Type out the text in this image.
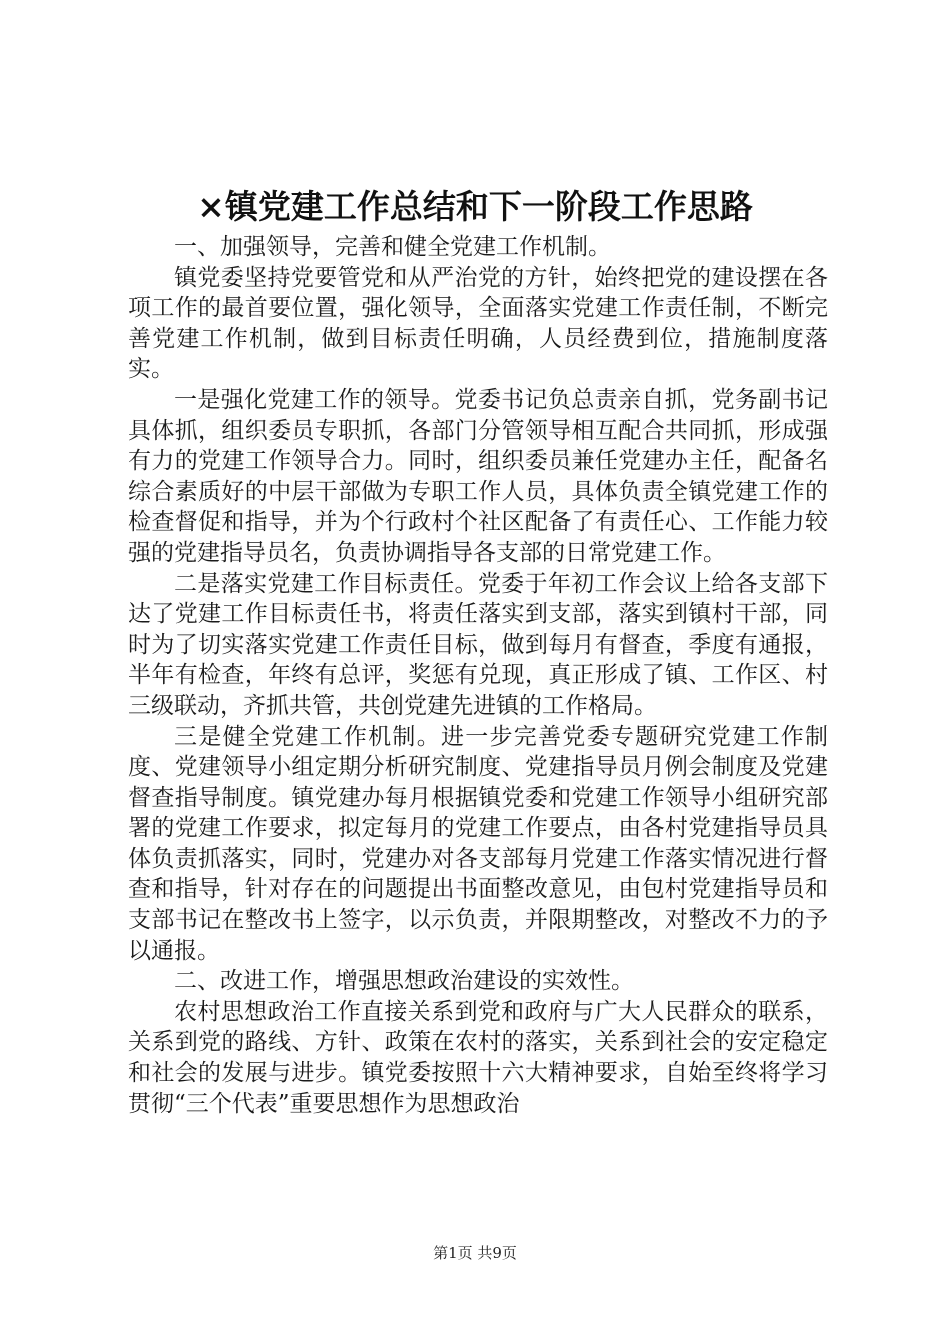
×镇党建工作总结和下一阶段工作思路

一、加强领导，完善和健全党建工作机制。

镇党委坚持党要管党和从严治党的方针，始终把党的建设摆在各项工作的最首要位置，强化领导，全面落实党建工作责任制，不断完善党建工作机制，做到目标责任明确，人员经费到位，措施制度落实。

一是强化党建工作的领导。党委书记负总责亲自抓，党务副书记具体抓，组织委员专职抓，各部门分管领导相互配合共同抓，形成强有力的党建工作领导合力。同时，组织委员兼任党建办主任，配备名综合素质好的中层干部做为专职工作人员，具体负责全镇党建工作的检查督促和指导，并为个行政村个社区配备了有责任心、工作能力较强的党建指导员名，负责协调指导各支部的日常党建工作。

二是落实党建工作目标责任。党委于年初工作会议上给各支部下达了党建工作目标责任书，将责任落实到支部，落实到镇村干部，同时为了切实落实党建工作责任目标，做到每月有督查，季度有通报，半年有检查，年终有总评，奖惩有兑现，真正形成了镇、工作区、村三级联动，齐抓共管，共创党建先进镇的工作格局。

三是健全党建工作机制。进一步完善党委专题研究党建工作制度、党建领导小组定期分析研究制度、党建指导员月例会制度及党建督查指导制度。镇党建办每月根据镇党委和党建工作领导小组研究部署的党建工作要求，拟定每月的党建工作要点，由各村党建指导员具体负责抓落实，同时，党建办对各支部每月党建工作落实情况进行督查和指导，针对存在的问题提出书面整改意见，由包村党建指导员和支部书记在整改书上签字，以示负责，并限期整改，对整改不力的予以通报。

二、改进工作，增强思想政治建设的实效性。

农村思想政治工作直接关系到党和政府与广大人民群众的联系，关系到党的路线、方针、政策在农村的落实，关系到社会的安定稳定和社会的发展与进步。镇党委按照十六大精神要求，自始至终将学习贯彻“三个代表”重要思想作为思想政治

第1页 共9页
